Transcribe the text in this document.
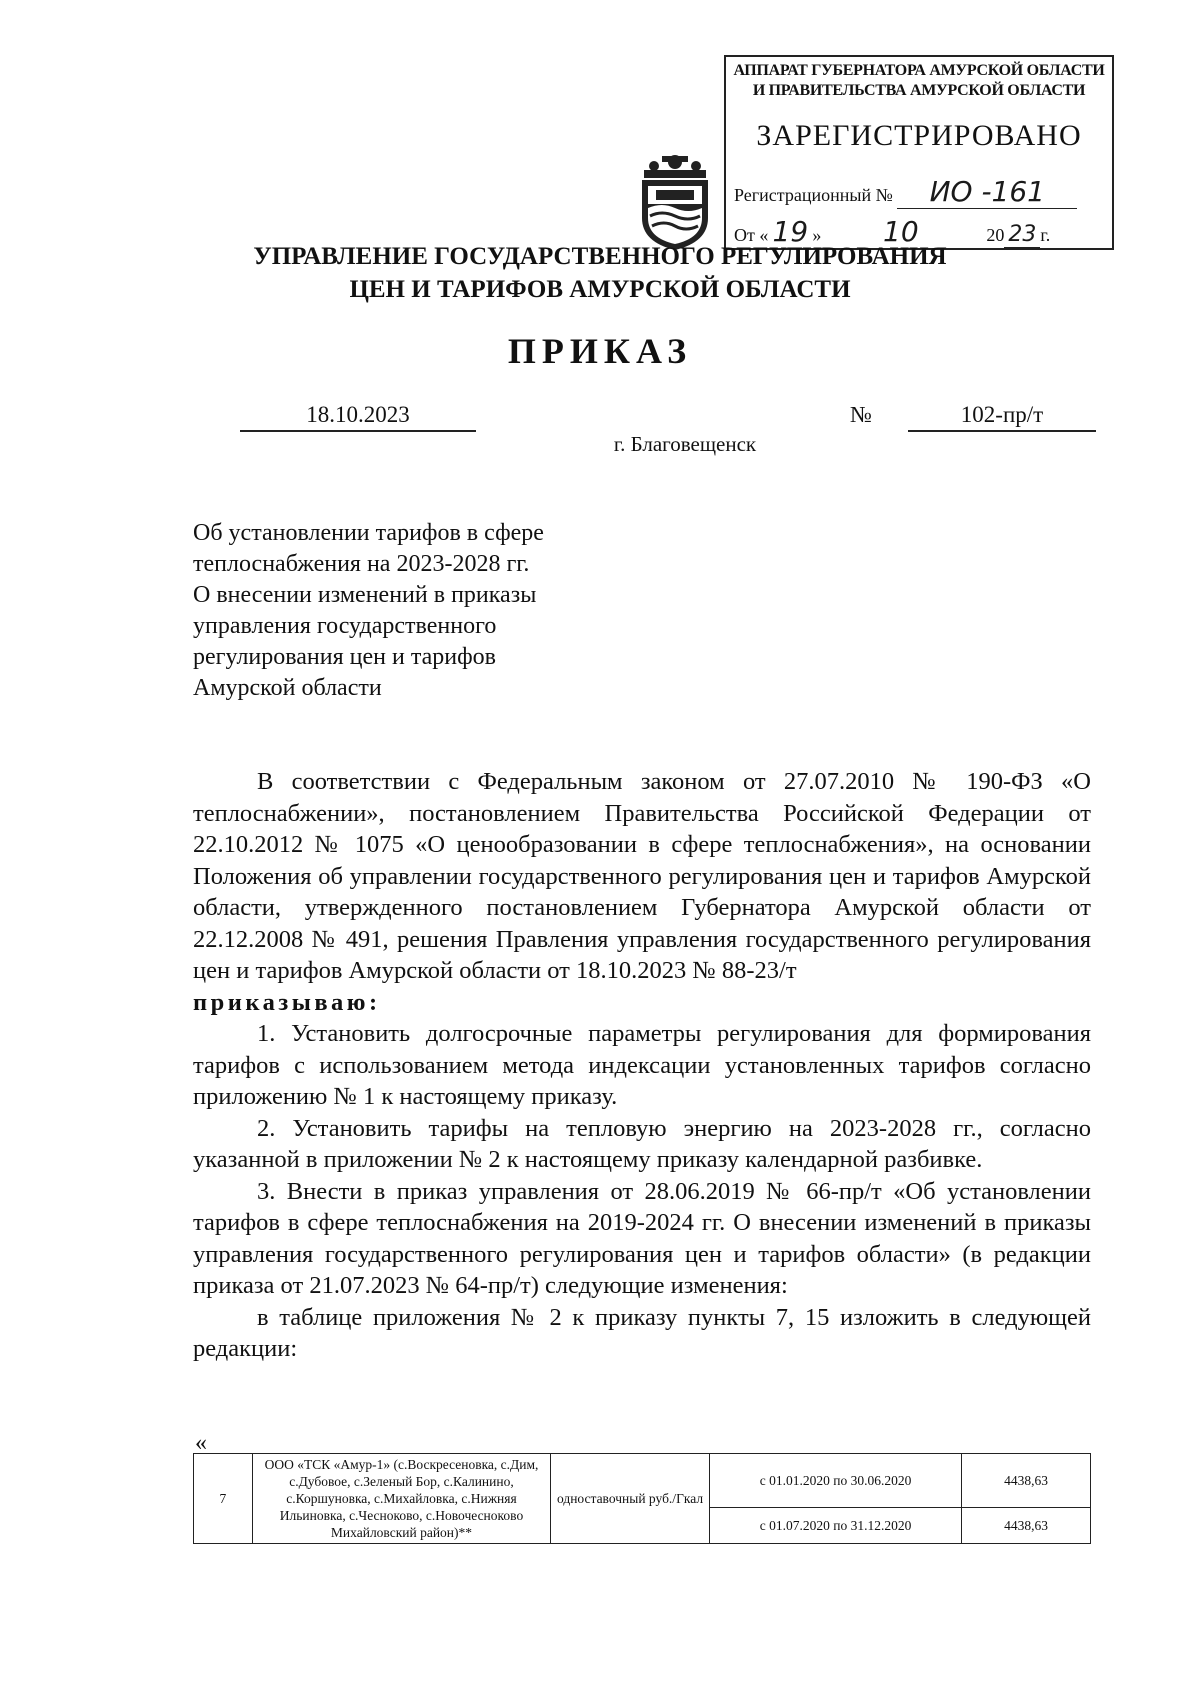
АППАРАТ ГУБЕРНАТОРА АМУРСКОЙ ОБЛАСТИ
И ПРАВИТЕЛЬСТВА АМУРСКОЙ ОБЛАСТИ
ЗАРЕГИСТРИРОВАНО
Регистрационный № ИО -161
От « 19 » 10	20 23 г.
УПРАВЛЕНИЕ ГОСУДАРСТВЕННОГО РЕГУЛИРОВАНИЯ
ЦЕН И ТАРИФОВ АМУРСКОЙ ОБЛАСТИ
ПРИКАЗ
18.10.2023	№	102-пр/т
г. Благовещенск
Об установлении тарифов в сфере
теплоснабжения на 2023-2028 гг.
О внесении изменений в приказы
управления государственного
регулирования цен и тарифов
Амурской области

В соответствии с Федеральным законом от 27.07.2010 № 190-ФЗ «О теплоснабжении», постановлением Правительства Российской Федерации от 22.10.2012 № 1075 «О ценообразовании в сфере теплоснабжения», на основании Положения об управлении государственного регулирования цен и тарифов Амурской области, утвержденного постановлением Губернатора Амурской области от 22.12.2008 № 491, решения Правления управления государственного регулирования цен и тарифов Амурской области от 18.10.2023 № 88-23/т

приказываю:

1. Установить долгосрочные параметры регулирования для формирования тарифов с использованием метода индексации установленных тарифов согласно приложению № 1 к настоящему приказу.

2. Установить тарифы на тепловую энергию на 2023-2028 гг., согласно указанной в приложении № 2 к настоящему приказу календарной разбивке.

3. Внести в приказ управления от 28.06.2019 № 66-пр/т «Об установлении тарифов в сфере теплоснабжения на 2019-2024 гг. О внесении изменений в приказы управления государственного регулирования цен и тарифов области» (в редакции приказа от 21.07.2023 № 64-пр/т) следующие изменения:

в таблице приложения № 2 к приказу пункты 7, 15 изложить в следующей редакции:

«
7	ООО «ТСК «Амур-1» (с.Воскресеновка, с.Дим, с.Дубовое, с.Зеленый Бор, с.Калинино, с.Коршуновка, с.Михайловка, с.Нижняя Ильиновка, с.Чесноково, с.Новочесноково Михайловский район)**	одноставочный руб./Гкал	с 01.01.2020 по 30.06.2020	4438,63
			с 01.07.2020 по 31.12.2020	4438,63
